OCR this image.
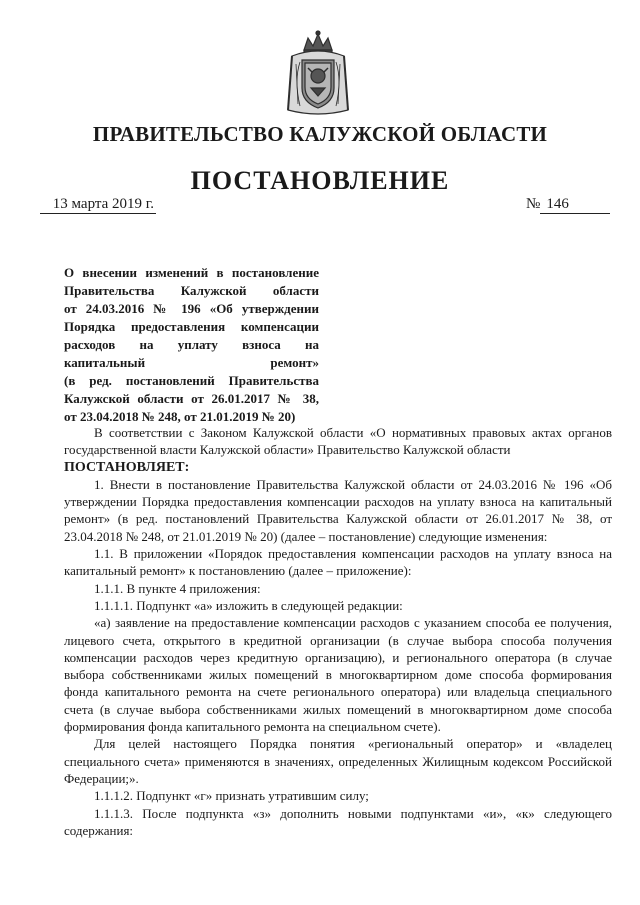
ПРАВИТЕЛЬСТВО КАЛУЖСКОЙ ОБЛАСТИ
ПОСТАНОВЛЕНИЕ
13 марта 2019 г.	№ 146
О внесении изменений в постановление
Правительства Калужской области
от 24.03.2016 № 196 «Об утверждении
Порядка предоставления компенсации
расходов на уплату взноса на
капитальный ремонт»
(в ред. постановлений Правительства
Калужской области от 26.01.2017 № 38,
от 23.04.2018 № 248, от 21.01.2019 № 20)

В соответствии с Законом Калужской области «О нормативных правовых актах органов государственной власти Калужской области» Правительство Калужской области

ПОСТАНОВЛЯЕТ:

1. Внести в постановление Правительства Калужской области от 24.03.2016 № 196 «Об утверждении Порядка предоставления компенсации расходов на уплату взноса на капитальный ремонт» (в ред. постановлений Правительства Калужской области от 26.01.2017 № 38, от 23.04.2018 № 248, от 21.01.2019 № 20) (далее – постановление) следующие изменения:

1.1. В приложении «Порядок предоставления компенсации расходов на уплату взноса на капитальный ремонт» к постановлению (далее – приложение):

1.1.1. В пункте 4 приложения:

1.1.1.1. Подпункт «а» изложить в следующей редакции:

«а) заявление на предоставление компенсации расходов с указанием способа ее получения, лицевого счета, открытого в кредитной организации (в случае выбора способа получения компенсации расходов через кредитную организацию), и регионального оператора (в случае выбора собственниками жилых помещений в многоквартирном доме способа формирования фонда капитального ремонта на счете регионального оператора) или владельца специального счета (в случае выбора собственниками жилых помещений в многоквартирном доме способа формирования фонда капитального ремонта на специальном счете).

Для целей настоящего Порядка понятия «региональный оператор» и «владелец специального счета» применяются в значениях, определенных Жилищным кодексом Российской Федерации;».

1.1.1.2. Подпункт «г» признать утратившим силу;

1.1.1.3. После подпункта «з» дополнить новыми подпунктами «и», «к» следующего содержания:
